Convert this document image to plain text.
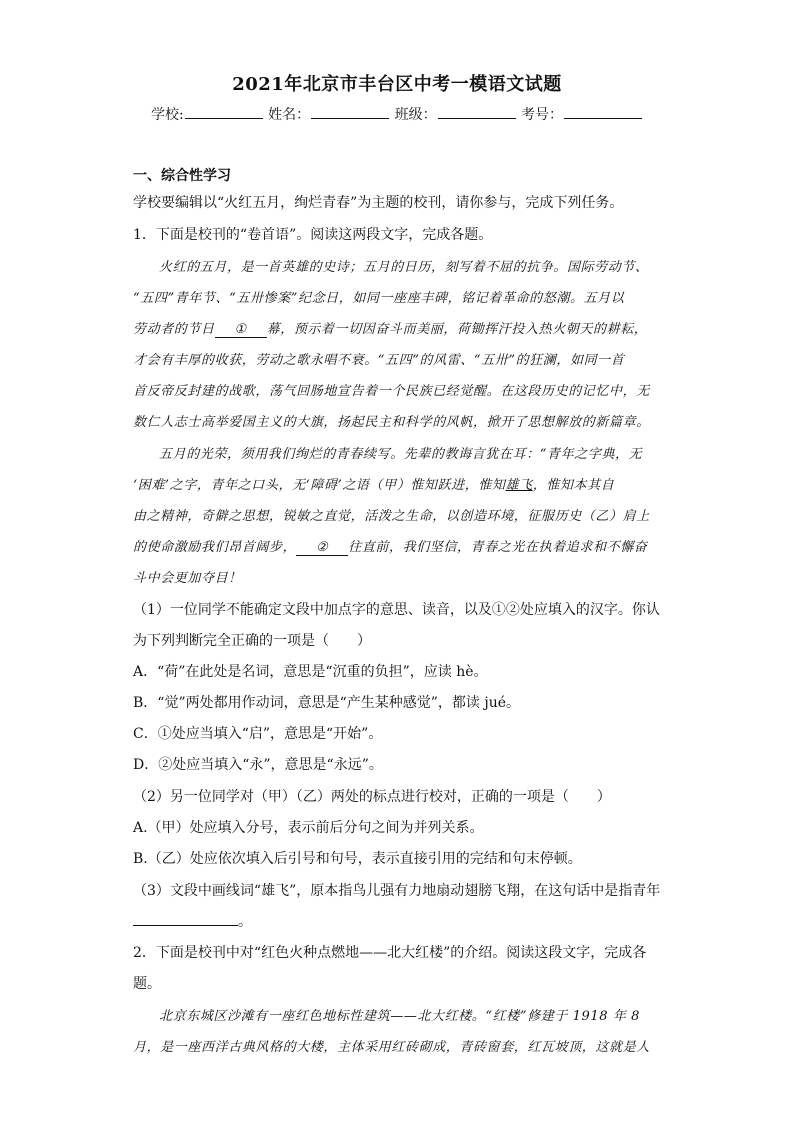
2021年北京市丰台区中考一模语文试题
学校:	姓名：	班级：	考号：
一、综合性学习
学校要编辑以“火红五月，绚烂青春”为主题的校刊，请你参与，完成下列任务。
1．下面是校刊的“卷首语”。阅读这两段文字，完成各题。
火红的五月，是一首英雄的史诗；五月的日历，刻写着不屈的抗争。国际劳动节、
“五四”青年节、“五卅惨案”纪念日，如同一座座丰碑，铭记着革命的怒潮。五月以
劳动者的节日 ① 幕，预示着一切因奋斗而美丽，荷锄挥汗投入热火朝天的耕耘，
才会有丰厚的收获，劳动之歌永唱不衰。“五四”的风雷、“五卅”的狂澜，如同一首
首反帝反封建的战歌，荡气回肠地宣告着一个民族已经觉醒。在这段历史的记忆中，无
数仁人志士高举爱国主义的大旗，扬起民主和科学的风帆，掀开了思想解放的新篇章。
五月的光荣，须用我们绚烂的青春续写。先辈的教诲言犹在耳：“青年之字典，无
‘困难’之字，青年之口头，无‘障碍’之语（甲）惟知跃进，惟知雄飞，惟知本其自
由之精神，奇僻之思想，锐敏之直觉，活泼之生命，以创造环境，征服历史（乙）肩上
的使命激励我们昂首阔步， ② 往直前，我们坚信，青春之光在执着追求和不懈奋
斗中会更加夺目！
（1）一位同学不能确定文段中加点字的意思、读音，以及①②处应填入的汉字。你认
为下列判断完全正确的一项是（　　）
A．“荷”在此处是名词，意思是“沉重的负担”，应读 hè。
B．“觉”两处都用作动词，意思是“产生某种感觉”，都读 jué。
C．①处应当填入“启”，意思是“开始”。
D．②处应当填入“永”，意思是“永远”。
（2）另一位同学对（甲）（乙）两处的标点进行校对，正确的一项是（　　）
A.（甲）处应填入分号，表示前后分句之间为并列关系。
B.（乙）处应依次填入后引号和句号，表示直接引用的完结和句末停顿。
（3）文段中画线词“雄飞”，原本指鸟儿强有力地扇动翅膀飞翔，在这句话中是指青年
。
2．下面是校刊中对“红色火种点燃地——北大红楼”的介绍。阅读这段文字，完成各
题。
北京东城区沙滩有一座红色地标性建筑——北大红楼。“红楼”修建于 1918 年 8
月，是一座西洋古典风格的大楼，主体采用红砖砌成，青砖窗套，红瓦坡顶，这就是人
